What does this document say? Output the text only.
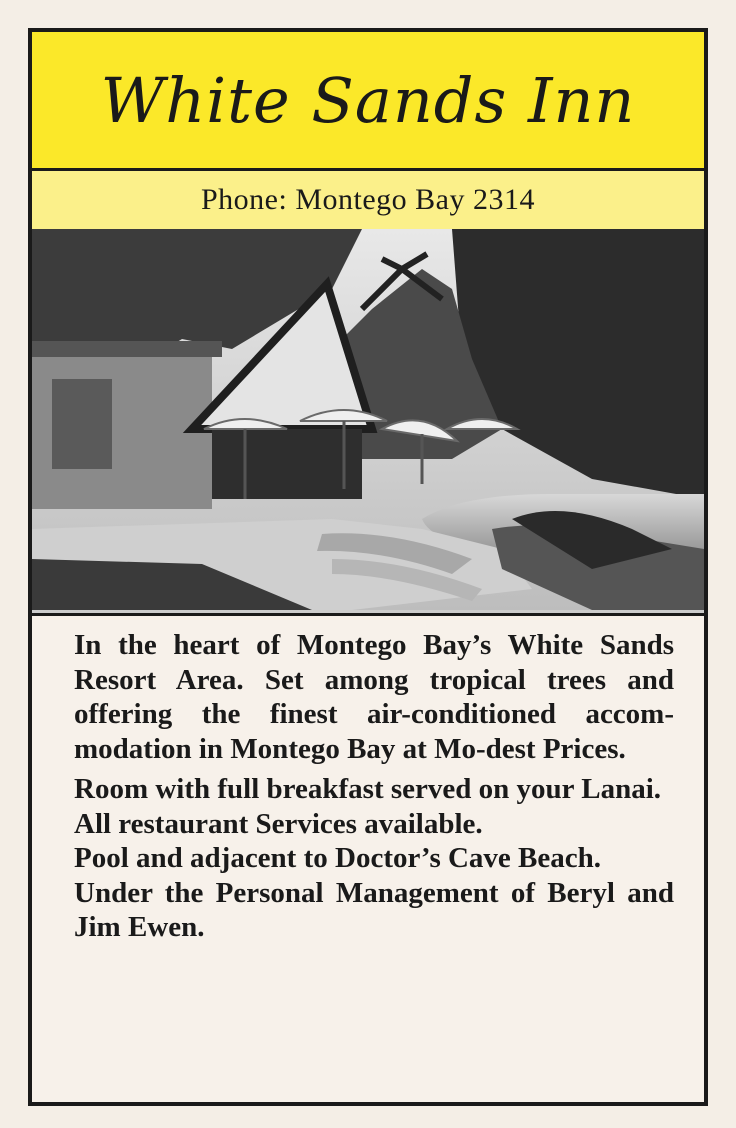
White Sands Inn
Phone: Montego Bay 2314

In the heart of Montego Bay’s White Sands Resort Area. Set among tropical trees and offering the finest air-conditioned accom-modation in Montego Bay at Mo-dest Prices.

Room with full breakfast served on your Lanai.

All restaurant Services available.

Pool and adjacent to Doctor’s Cave Beach.

Under the Personal Management of Beryl and Jim Ewen.
